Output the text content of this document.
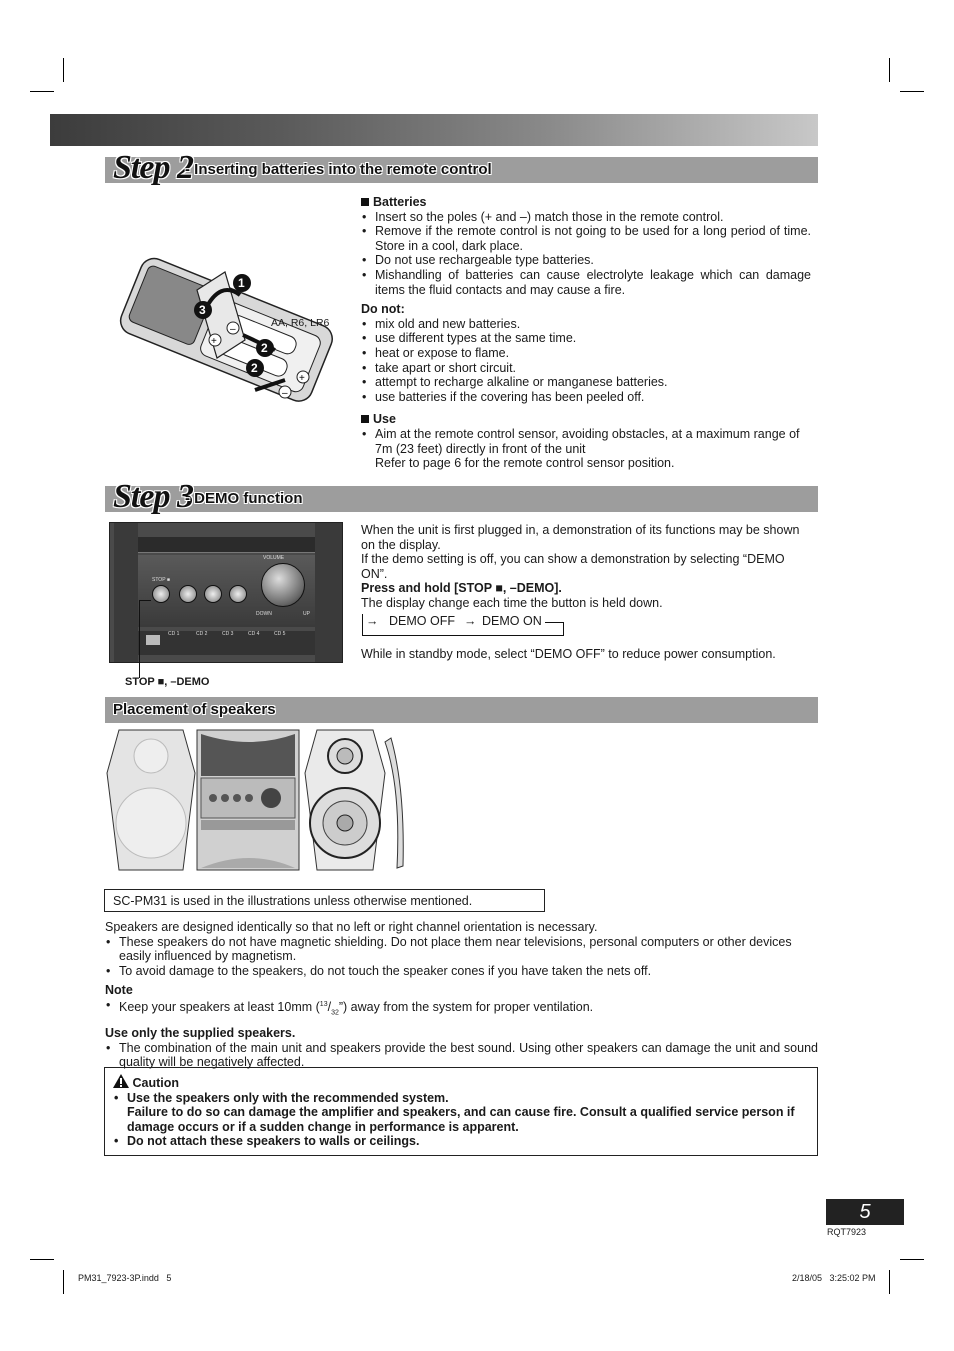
Step 2
- Inserting batteries into the remote control
+
–
+
–
1
3
2
2
AA, R6, LR6
Batteries
• Insert so the poles (+ and –) match those in the remote control.
• Remove if the remote control is not going to be used for a long period of time. Store in a cool, dark place.
• Do not use rechargeable type batteries.
• Mishandling of batteries can cause electrolyte leakage which can damage items the fluid contacts and may cause a fire.
Do not:
• mix old and new batteries.
• use different types at the same time.
• heat or expose to flame.
• take apart or short circuit.
• attempt to recharge alkaline or manganese batteries.
• use batteries if the covering has been peeled off.
Use
• Aim at the remote control sensor, avoiding obstacles, at a maximum range of 7m (23 feet) directly in front of the unit
Refer to page 6 for the remote control sensor position.
Step 3
- DEMO function
VOLUME
DOWN	UP
CD 1	CD 2	CD 3	CD 4	CD 5
STOP ■
STOP ■, –DEMO
When the unit is first plugged in, a demonstration of its functions may be shown on the display.
If the demo setting is off, you can show a demonstration by selecting “DEMO ON”.
Press and hold [STOP ■, –DEMO].
The display change each time the button is held down.
→ DEMO OFF → DEMO ON
While in standby mode, select “DEMO OFF” to reduce power consumption.
Placement of speakers
SC-PM31 is used in the illustrations unless otherwise mentioned.
Speakers are designed identically so that no left or right channel orientation is necessary.
• These speakers do not have magnetic shielding. Do not place them near televisions, personal computers or other devices easily influenced by magnetism.
• To avoid damage to the speakers, do not touch the speaker cones if you have taken the nets off.
Note
• Keep your speakers at least 10mm $(^{13}/_{32}”)$ away from the system for proper ventilation.
Use only the supplied speakers.
• The combination of the main unit and speakers provide the best sound. Using other speakers can damage the unit and sound quality will be negatively affected.
Caution
• Use the speakers only with the recommended system.
Failure to do so can damage the amplifier and speakers, and can cause fire. Consult a qualified service person if damage occurs or if a sudden change in performance is apparent.
• Do not attach these speakers to walls or ceilings.
5
RQT7923
PM31_7923-3P.indd   5	2/18/05   3:25:02 PM
